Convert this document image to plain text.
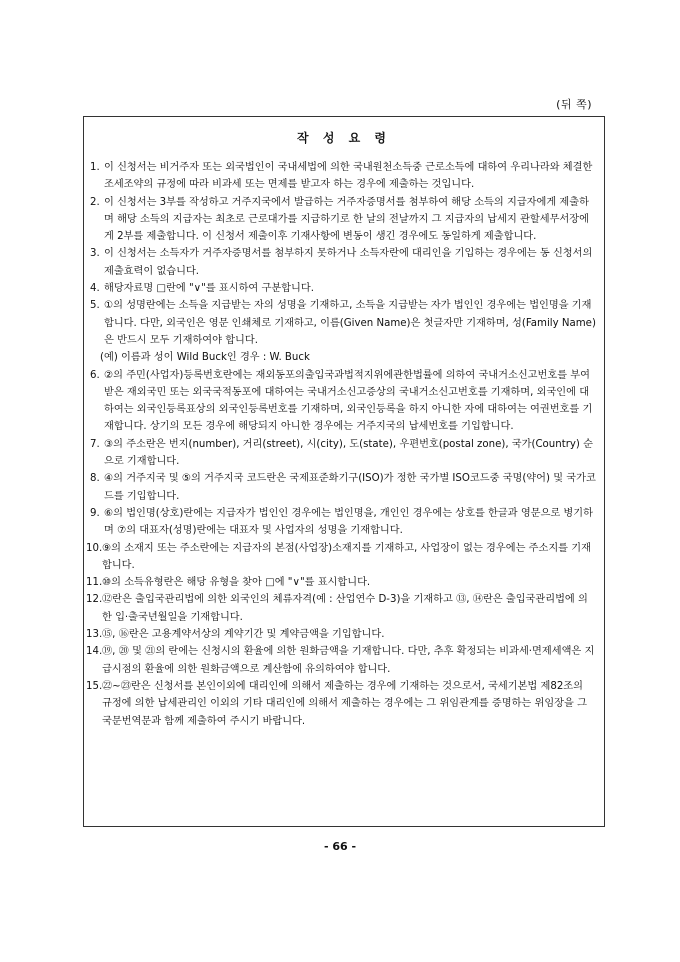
(뒤 쪽)
작 성 요 령
1. 이 신청서는 비거주자 또는 외국법인이 국내세법에 의한 국내원천소득중 근로소득에 대하여 우리나라와 체결한 조세조약의 규정에 따라 비과세 또는 면제를 받고자 하는 경우에 제출하는 것입니다.
2. 이 신청서는 3부를 작성하고 거주지국에서 발급하는 거주자증명서를 첨부하여 해당 소득의 지급자에게 제출하며 해당 소득의 지급자는 최초로 근로대가를 지급하기로 한 날의 전날까지 그 지급자의 납세지 관할세무서장에게 2부를 제출합니다. 이 신청서 제출이후 기재사항에 변동이 생긴 경우에도 동일하게 제출합니다.
3. 이 신청서는 소득자가 거주자증명서를 첨부하지 못하거나 소득자란에 대리인을 기입하는 경우에는 동 신청서의 제출효력이 없습니다.
4. 해당자료명 □란에 "∨"를 표시하여 구분합니다.
5. ①의 성명란에는 소득을 지급받는 자의 성명을 기재하고, 소득을 지급받는 자가 법인인 경우에는 법인명을 기재합니다. 다만, 외국인은 영문 인쇄체로 기재하고, 이름(Given Name)은 첫글자만 기재하며, 성(Family Name)은 반드시 모두 기재하여야 합니다.
(예) 이름과 성이 Wild Buck인 경우 : W. Buck
6. ②의 주민(사업자)등록번호란에는 재외동포의출입국과법적지위에관한법률에 의하여 국내거소신고번호를 부여받은 재외국민 또는 외국국적동포에 대하여는 국내거소신고증상의 국내거소신고번호를 기재하며, 외국인에 대하여는 외국인등록표상의 외국인등록번호를 기재하며, 외국인등록을 하지 아니한 자에 대하여는 여권번호를 기재합니다. 상기의 모든 경우에 해당되지 아니한 경우에는 거주지국의 납세번호를 기입합니다.
7. ③의 주소란은 번지(number), 거리(street), 시(city), 도(state), 우편번호(postal zone), 국가(Country) 순으로 기재합니다.
8. ④의 거주지국 및 ⑤의 거주지국 코드란은 국제표준화기구(ISO)가 정한 국가별 ISO코드중 국명(약어) 및 국가코드를 기입합니다.
9. ⑥의 법인명(상호)란에는 지급자가 법인인 경우에는 법인명을, 개인인 경우에는 상호를 한글과 영문으로 병기하며 ⑦의 대표자(성명)란에는 대표자 및 사업자의 성명을 기재합니다.
10. ⑨의 소재지 또는 주소란에는 지급자의 본점(사업장)소재지를 기재하고, 사업장이 없는 경우에는 주소지를 기재합니다.
11. ⑩의 소득유형란은 해당 유형을 찾아 □에 "∨"를 표시합니다.
12. ⑫란은 출입국관리법에 의한 외국인의 체류자격(예 : 산업연수 D-3)을 기재하고 ⑬, ⑭란은 출입국관리법에 의한 입·출국년월일을 기재합니다.
13. ⑮, ⑯란은 고용계약서상의 계약기간 및 계약금액을 기입합니다.
14. ⑲, ⑳ 및 ㉑의 란에는 신청시의 환율에 의한 원화금액을 기재합니다. 다만, 추후 확정되는 비과세·면제세액은 지급시점의 환율에 의한 원화금액으로 계산함에 유의하여야 합니다.
15. ㉒~㉓란은 신청서를 본인이외에 대리인에 의해서 제출하는 경우에 기재하는 것으로서, 국세기본법 제82조의 규정에 의한 납세관리인 이외의 기타 대리인에 의해서 제출하는 경우에는 그 위임관계를 증명하는 위임장을 그 국문번역문과 함께 제출하여 주시기 바랍니다.
- 66 -
